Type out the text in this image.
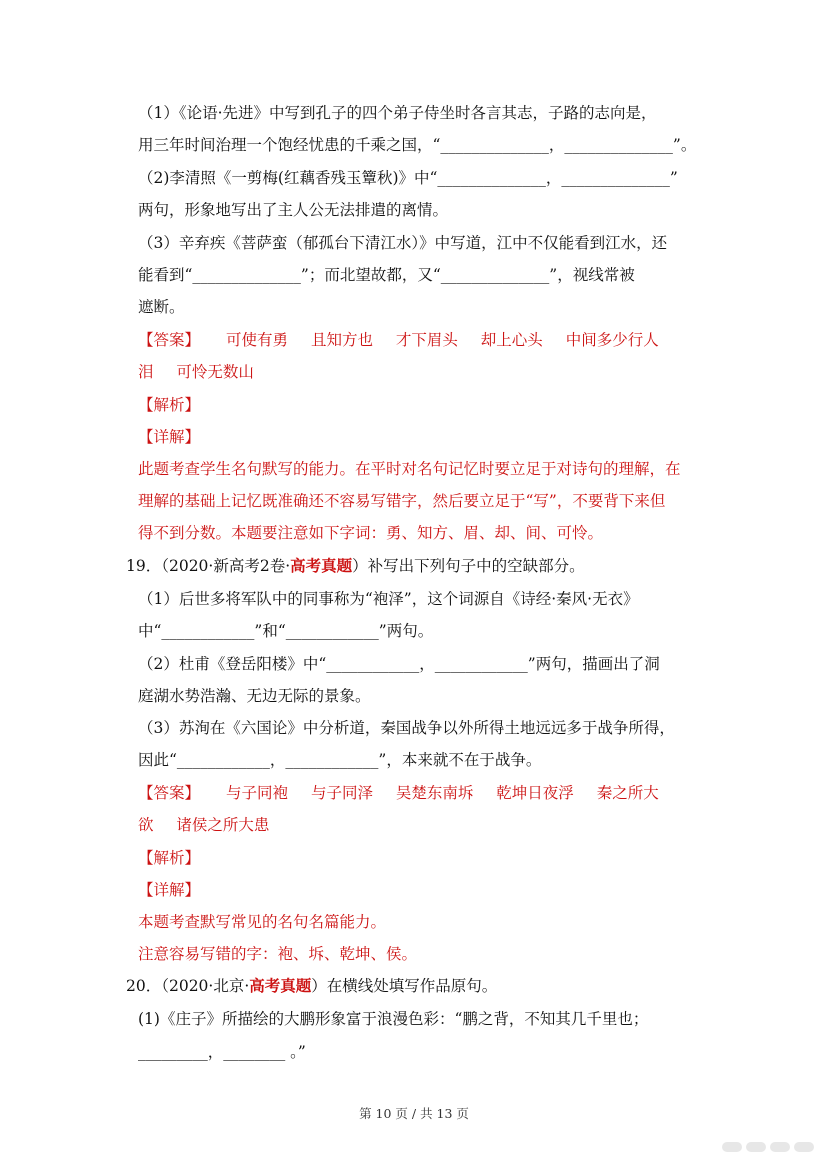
（1）《论语·先进》中写到孔子的四个弟子侍坐时各言其志，子路的志向是，
用三年时间治理一个饱经忧患的千乘之国，“______________，______________”。
（2)李清照《一剪梅(红藕香残玉簟秋)》中“______________，______________”
两句，形象地写出了主人公无法排遣的离情。
（3）辛弃疾《菩萨蛮（郁孤台下清江水）》中写道，江中不仅能看到江水，还
能看到“______________”；而北望故都，又“______________”，视线常被
遮断。
【答案】 可使有勇 且知方也 才下眉头 却上心头 中间多少行人
泪 可怜无数山
【解析】
【详解】
此题考查学生名句默写的能力。在平时对名句记忆时要立足于对诗句的理解，在
理解的基础上记忆既准确还不容易写错字，然后要立足于“写”，不要背下来但
得不到分数。本题要注意如下字词：勇、知方、眉、却、间、可怜。
19．（2020·新高考2卷·高考真题）补写出下列句子中的空缺部分。
（1）后世多将军队中的同事称为“袍泽”，这个词源自《诗经·秦风·无衣》
中“____________”和“____________”两句。
（2）杜甫《登岳阳楼》中“____________，____________”两句，描画出了洞
庭湖水势浩瀚、无边无际的景象。
（3）苏洵在《六国论》中分析道，秦国战争以外所得土地远远多于战争所得，
因此“____________，____________”，本来就不在于战争。
【答案】 与子同袍 与子同泽 吴楚东南坼 乾坤日夜浮 秦之所大
欲 诸侯之所大患
【解析】
【详解】
本题考查默写常见的名句名篇能力。
注意容易写错的字：袍、坼、乾坤、侯。
20．（2020·北京·高考真题）在横线处填写作品原句。
(1)《庄子》所描绘的大鹏形象富于浪漫色彩：“鹏之背，不知其几千里也；
_________，________ 。”
第 10 页 / 共 13 页
